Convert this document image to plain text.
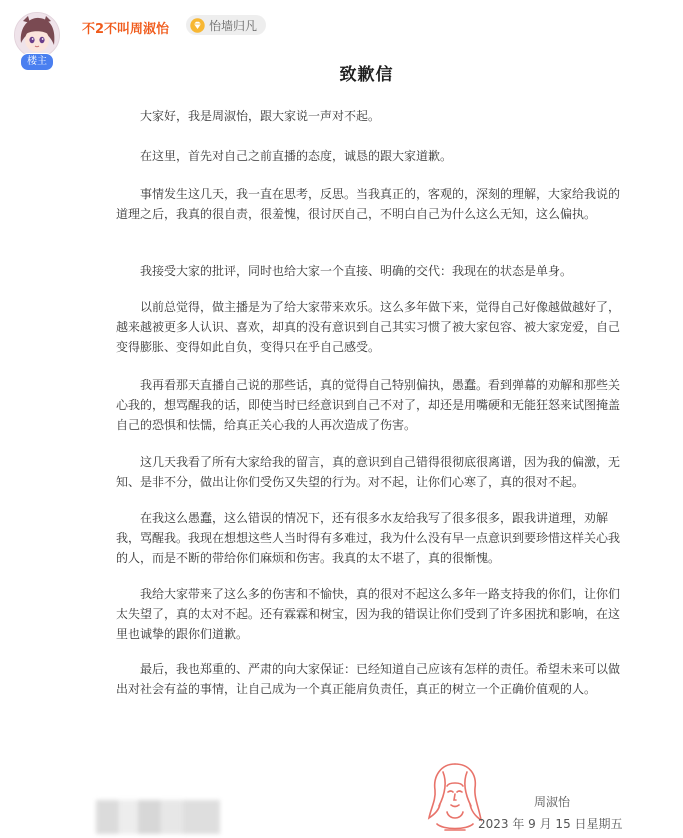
楼主
不2不叫周淑怡	怡墙归凡
致歉信

大家好，我是周淑怡，跟大家说一声对不起。

在这里，首先对自己之前直播的态度，诚恳的跟大家道歉。

事情发生这几天，我一直在思考，反思。当我真正的，客观的，深刻的理解，大家给我说的道理之后，我真的很自责，很羞愧，很讨厌自己，不明白自己为什么这么无知，这么偏执。

我接受大家的批评，同时也给大家一个直接、明确的交代：我现在的状态是单身。

以前总觉得，做主播是为了给大家带来欢乐。这么多年做下来，觉得自己好像越做越好了，越来越被更多人认识、喜欢，却真的没有意识到自己其实习惯了被大家包容、被大家宠爱，自己变得膨胀、变得如此自负，变得只在乎自己感受。

我再看那天直播自己说的那些话，真的觉得自己特别偏执，愚蠢。看到弹幕的劝解和那些关心我的，想骂醒我的话，即使当时已经意识到自己不对了，却还是用嘴硬和无能狂怒来试图掩盖自己的恐惧和怯懦，给真正关心我的人再次造成了伤害。

这几天我看了所有大家给我的留言，真的意识到自己错得很彻底很离谱，因为我的偏激，无知、是非不分，做出让你们受伤又失望的行为。对不起，让你们心寒了，真的很对不起。

在我这么愚蠢，这么错误的情况下，还有很多水友给我写了很多很多，跟我讲道理，劝解我，骂醒我。我现在想想这些人当时得有多难过，我为什么没有早一点意识到要珍惜这样关心我的人，而是不断的带给你们麻烦和伤害。我真的太不堪了，真的很惭愧。

我给大家带来了这么多的伤害和不愉快，真的很对不起这么多年一路支持我的你们，让你们太失望了，真的太对不起。还有霖霖和树宝，因为我的错误让你们受到了许多困扰和影响，在这里也诚挚的跟你们道歉。

最后，我也郑重的、严肃的向大家保证：已经知道自己应该有怎样的责任。希望未来可以做出对社会有益的事情，让自己成为一个真正能肩负责任，真正的树立一个正确价值观的人。

周淑怡
2023 年 9 月 15 日星期五
